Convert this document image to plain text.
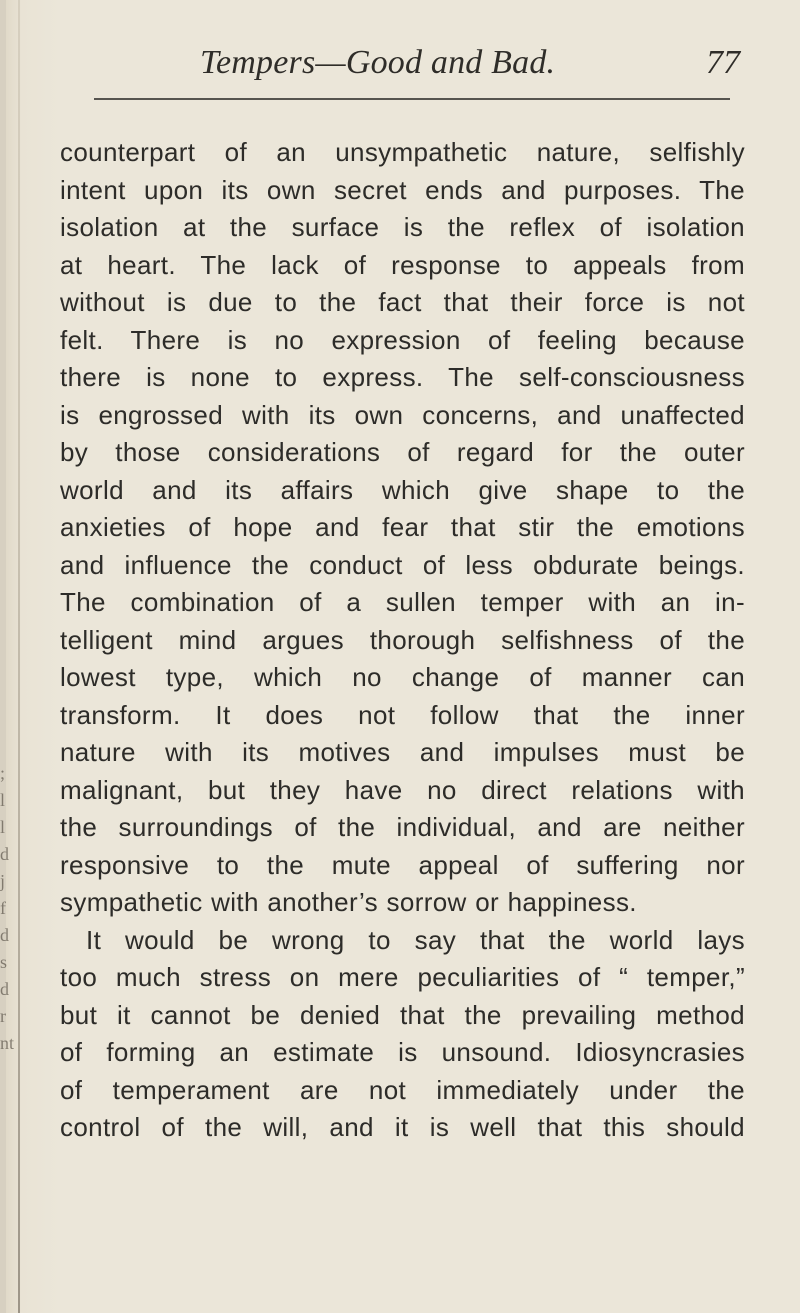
;
l
l
d
j
f
d
s
d
r
nt
Tempers—Good and Bad.	77
counterpart of an unsympathetic nature, selfishly
intent upon its own secret ends and purposes. The
isolation at the surface is the reflex of isolation
at heart. The lack of response to appeals from
without is due to the fact that their force is not
felt. There is no expression of feeling because
there is none to express. The self-consciousness
is engrossed with its own concerns, and unaffected
by those considerations of regard for the outer
world and its affairs which give shape to the
anxieties of hope and fear that stir the emotions
and influence the conduct of less obdurate beings.
The combination of a sullen temper with an in-
telligent mind argues thorough selfishness of the
lowest type, which no change of manner can
transform. It does not follow that the inner
nature with its motives and impulses must be
malignant, but they have no direct relations with
the surroundings of the individual, and are neither
responsive to the mute appeal of suffering nor
sympathetic with another’s sorrow or happiness.
It would be wrong to say that the world lays
too much stress on mere peculiarities of “ temper,”
but it cannot be denied that the prevailing method
of forming an estimate is unsound. Idiosyncrasies
of temperament are not immediately under the
control of the will, and it is well that this should
